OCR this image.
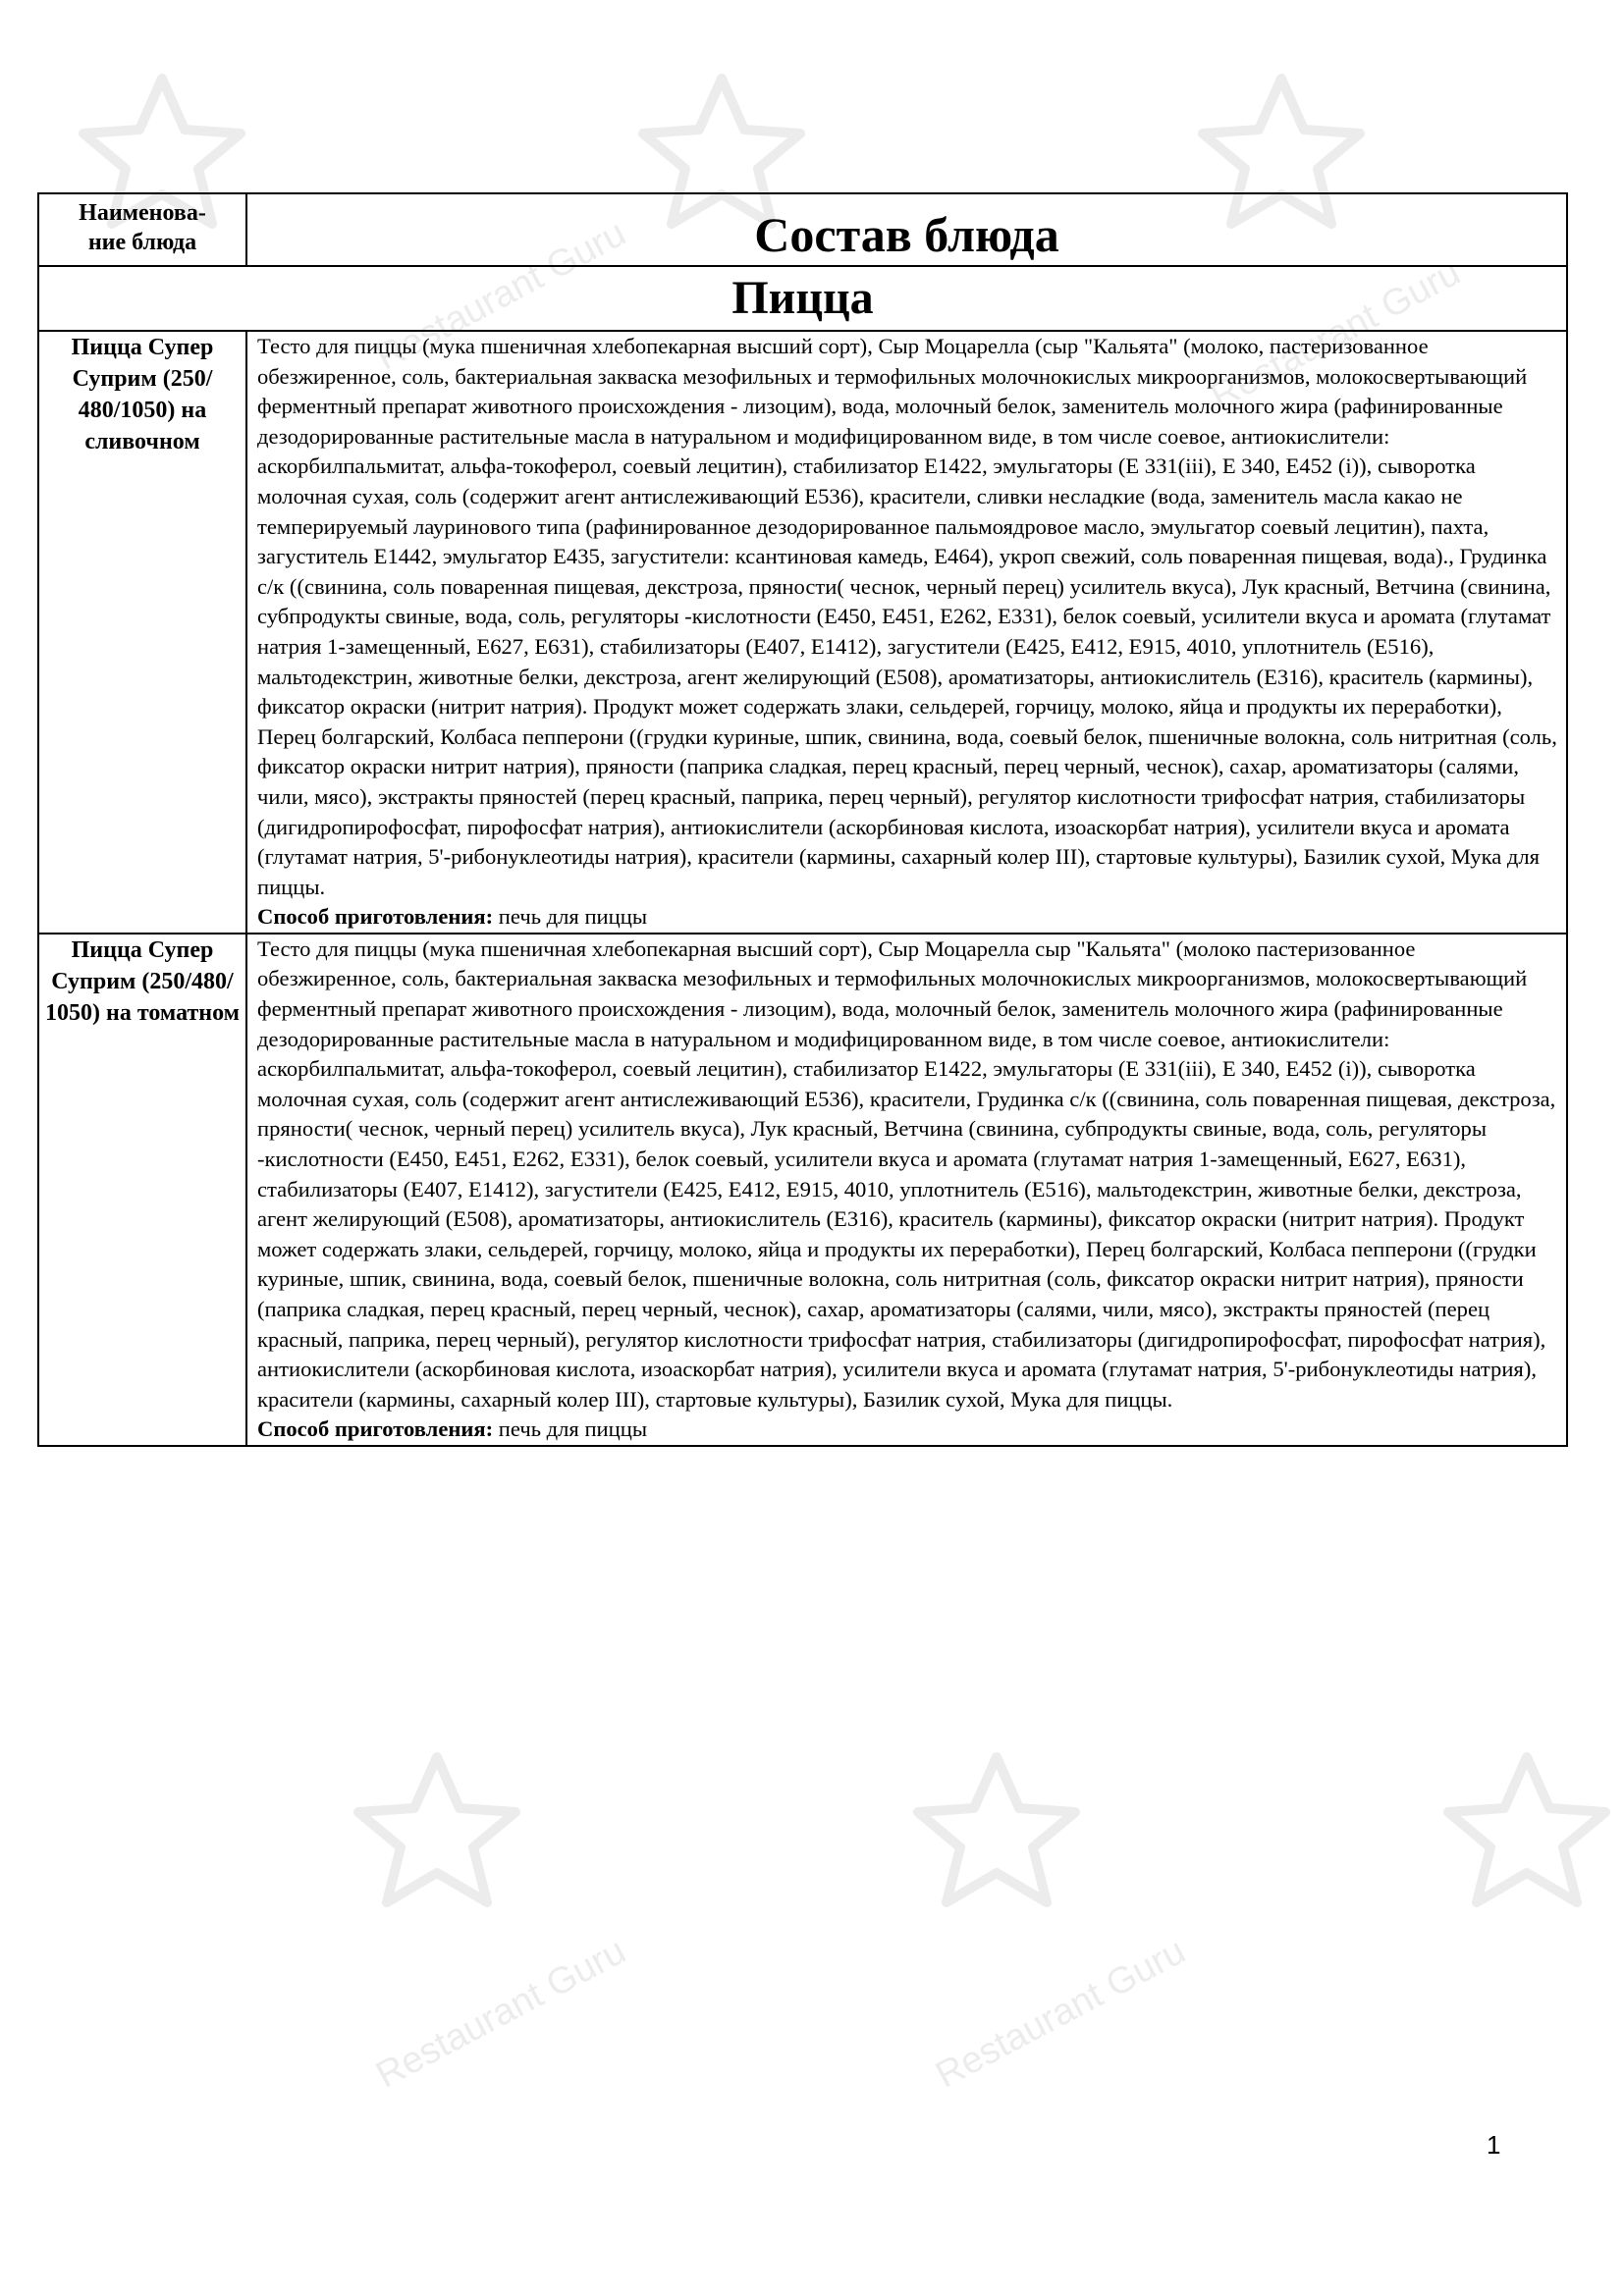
Restaurant Guru	Restaurant Guru
Restaurant Guru	Restaurant Guru
Наименова-
ние блюда	Состав блюда
Пицца	
Пицца Супер Суприм (250/ 480/1050) на сливочном	Тесто для пиццы (мука пшеничная хлебопекарная высший сорт), Сыр Моцарелла (сыр "Кальята" (молоко, пастеризованное обезжиренное, соль, бактериальная закваска мезофильных и термофильных молочнокислых микроорганизмов, молокосвертывающий ферментный препарат животного происхождения - лизоцим), вода, молочный белок, заменитель молочного жира (рафинированные дезодорированные растительные масла в натуральном и модифицированном виде, в том числе соевое, антиокислители: аскорбилпальмитат, альфа-токоферол, соевый лецитин), стабилизатор Е1422, эмульгаторы (Е 331(iii), Е 340, Е452 (i)), сыворотка молочная сухая, соль (содержит агент антислеживающий Е536), красители, сливки несладкие (вода, заменитель масла какао не темперируемый лауринового типа (рафинированное дезодорированное пальмоядровое масло, эмульгатор соевый лецитин), пахта, загуститель Е1442, эмульгатор Е435, загустители: ксантиновая камедь, Е464), укроп свежий, соль поваренная пищевая, вода)., Грудинка с/к ((свинина, соль поваренная пищевая, декстроза, пряности( чеснок, черный перец) усилитель вкуса), Лук красный, Ветчина (свинина, субпродукты свиные, вода, соль, регуляторы -кислотности (Е450, Е451, Е262, Е331), белок соевый, усилители вкуса и аромата (глутамат натрия 1-замещенный, Е627, Е631), стабилизаторы (Е407, Е1412), загустители (Е425, Е412, Е915, 4010, уплотнитель (Е516), мальтодекстрин, животные белки, декстроза, агент желирующий (Е508), ароматизаторы, антиокислитель (Е316), краситель (кармины), фиксатор окраски (нитрит натрия). Продукт может содержать злаки, сельдерей, горчицу, молоко, яйца и продукты их переработки), Перец болгарский, Колбаса пепперони ((грудки куриные, шпик, свинина, вода, соевый белок, пшеничные волокна, соль нитритная (соль, фиксатор окраски нитрит натрия), пряности (паприка сладкая, перец красный, перец черный, чеснок), сахар, ароматизаторы (салями, чили, мясо), экстракты пряностей (перец красный, паприка, перец черный), регулятор кислотности трифосфат натрия, стабилизаторы (дигидропирофосфат, пирофосфат натрия), антиокислители (аскорбиновая кислота, изоаскорбат натрия), усилители вкуса и аромата (глутамат натрия, 5'-рибонуклеотиды натрия), красители (кармины, сахарный колер III), стартовые культуры), Базилик сухой, Мука для пиццы.
Способ приготовления: печь для пиццы
Пицца Супер Суприм (250/480/ 1050) на томатном	Тесто для пиццы (мука пшеничная хлебопекарная высший сорт), Сыр Моцарелла сыр "Кальята" (молоко пастеризованное обезжиренное, соль, бактериальная закваска мезофильных и термофильных молочнокислых микроорганизмов, молокосвертывающий ферментный препарат животного происхождения - лизоцим), вода, молочный белок, заменитель молочного жира (рафинированные дезодорированные растительные масла в натуральном и модифицированном виде, в том числе соевое, антиокислители: аскорбилпальмитат, альфа-токоферол, соевый лецитин), стабилизатор Е1422, эмульгаторы (Е 331(iii), Е 340, Е452 (i)), сыворотка молочная сухая, соль (содержит агент антислеживающий Е536), красители, Грудинка с/к ((свинина, соль поваренная пищевая, декстроза, пряности( чеснок, черный перец) усилитель вкуса), Лук красный, Ветчина (свинина, субпродукты свиные, вода, соль, регуляторы -кислотности (Е450, Е451, Е262, Е331), белок соевый, усилители вкуса и аромата (глутамат натрия 1-замещенный, Е627, Е631), стабилизаторы (Е407, Е1412), загустители (Е425, Е412, Е915, 4010, уплотнитель (Е516), мальтодекстрин, животные белки, декстроза, агент желирующий (Е508), ароматизаторы, антиокислитель (Е316), краситель (кармины), фиксатор окраски (нитрит натрия). Продукт может содержать злаки, сельдерей, горчицу, молоко, яйца и продукты их переработки), Перец болгарский, Колбаса пепперони ((грудки куриные, шпик, свинина, вода, соевый белок, пшеничные волокна, соль нитритная (соль, фиксатор окраски нитрит натрия), пряности (паприка сладкая, перец красный, перец черный, чеснок), сахар, ароматизаторы (салями, чили, мясо), экстракты пряностей (перец красный, паприка, перец черный), регулятор кислотности трифосфат натрия, стабилизаторы (дигидропирофосфат, пирофосфат натрия), антиокислители (аскорбиновая кислота, изоаскорбат натрия), усилители вкуса и аромата (глутамат натрия, 5'-рибонуклеотиды натрия), красители (кармины, сахарный колер III), стартовые культуры), Базилик сухой, Мука для пиццы.
Способ приготовления: печь для пиццы
1
